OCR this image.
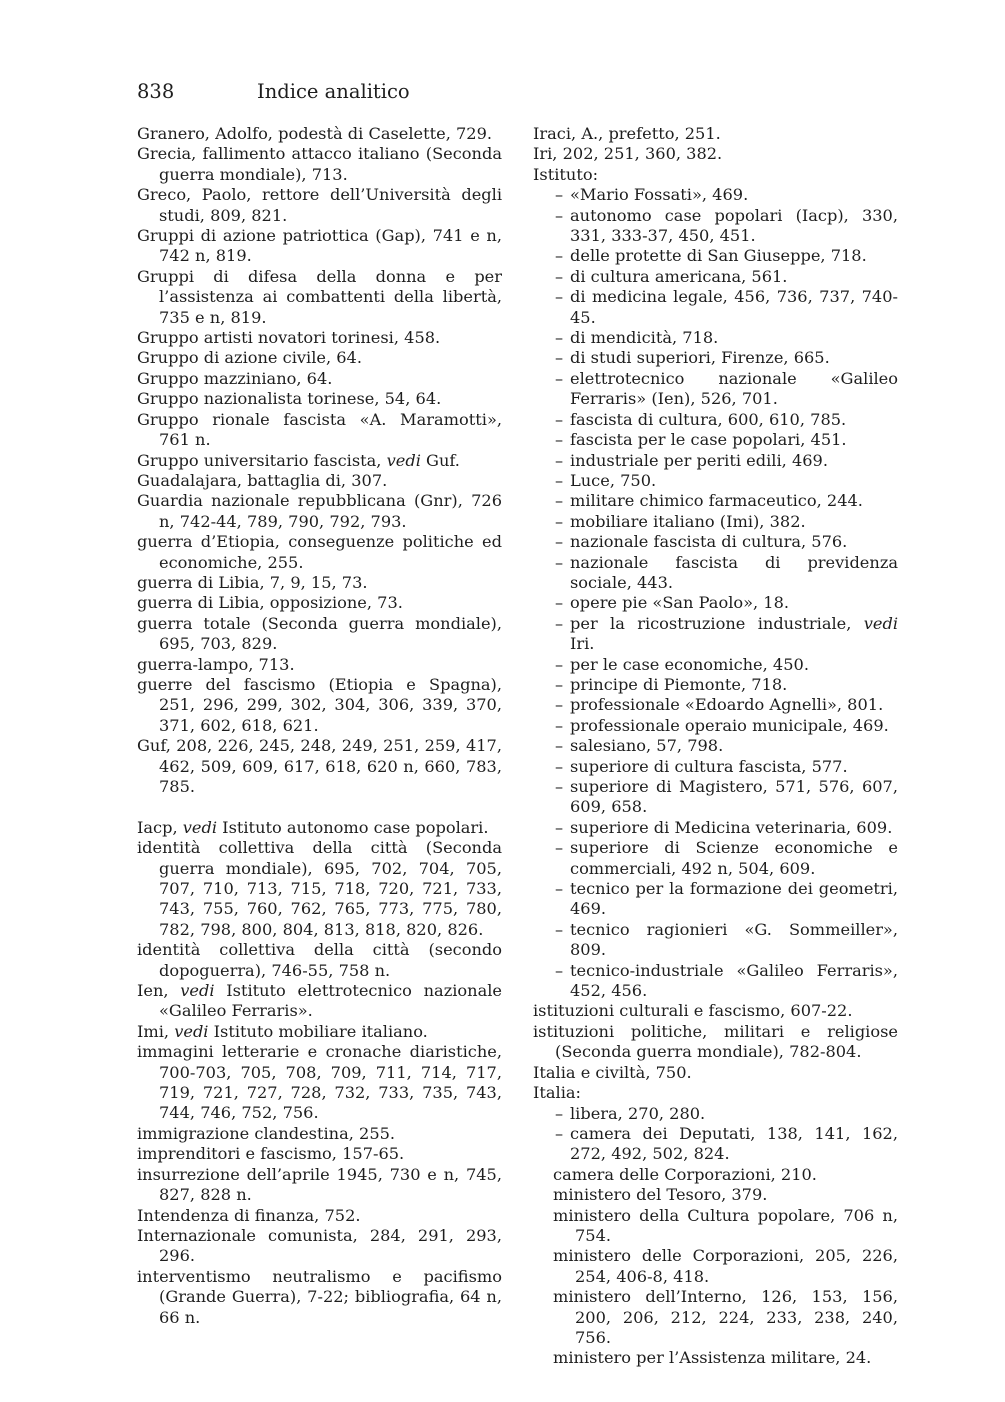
838	Indice analitico

Granero, Adolfo, podestà di Caselette, 729.

Grecia, fallimento attacco italiano (Seconda guerra mondiale), 713.

Greco, Paolo, rettore dell’Università degli studi, 809, 821.

Gruppi di azione patriottica (Gap), 741 e n, 742 n, 819.

Gruppi di difesa della donna e per l’assistenza ai combattenti della libertà, 735 e n, 819.

Gruppo artisti novatori torinesi, 458.

Gruppo di azione civile, 64.

Gruppo mazziniano, 64.

Gruppo nazionalista torinese, 54, 64.

Gruppo rionale fascista «A. Maramotti», 761 n.

Gruppo universitario fascista, vedi Guf.

Guadalajara, battaglia di, 307.

Guardia nazionale repubblicana (Gnr), 726 n, 742-44, 789, 790, 792, 793.

guerra d’Etiopia, conseguenze politiche ed economiche, 255.

guerra di Libia, 7, 9, 15, 73.

guerra di Libia, opposizione, 73.

guerra totale (Seconda guerra mondiale), 695, 703, 829.

guerra-lampo, 713.

guerre del fascismo (Etiopia e Spagna), 251, 296, 299, 302, 304, 306, 339, 370, 371, 602, 618, 621.

Guf, 208, 226, 245, 248, 249, 251, 259, 417, 462, 509, 609, 617, 618, 620 n, 660, 783, 785.

Iacp, vedi Istituto autonomo case popolari.

identità collettiva della città (Seconda guerra mondiale), 695, 702, 704, 705, 707, 710, 713, 715, 718, 720, 721, 733, 743, 755, 760, 762, 765, 773, 775, 780, 782, 798, 800, 804, 813, 818, 820, 826.

identità collettiva della città (secondo dopoguerra), 746-55, 758 n.

Ien, vedi Istituto elettrotecnico nazionale «Galileo Ferraris».

Imi, vedi Istituto mobiliare italiano.

immagini letterarie e cronache diaristiche, 700-703, 705, 708, 709, 711, 714, 717, 719, 721, 727, 728, 732, 733, 735, 743, 744, 746, 752, 756.

immigrazione clandestina, 255.

imprenditori e fascismo, 157-65.

insurrezione dell’aprile 1945, 730 e n, 745, 827, 828 n.

Intendenza di finanza, 752.

Internazionale comunista, 284, 291, 293, 296.

interventismo neutralismo e pacifismo (Grande Guerra), 7-22; bibliografia, 64 n, 66 n.

Iraci, A., prefetto, 251.

Iri, 202, 251, 360, 382.

Istituto:

– «Mario Fossati», 469.

– autonomo case popolari (Iacp), 330, 331, 333-37, 450, 451.

– delle protette di San Giuseppe, 718.

– di cultura americana, 561.

– di medicina legale, 456, 736, 737, 740-45.

– di mendicità, 718.

– di studi superiori, Firenze, 665.

– elettrotecnico nazionale «Galileo Ferraris» (Ien), 526, 701.

– fascista di cultura, 600, 610, 785.

– fascista per le case popolari, 451.

– industriale per periti edili, 469.

– Luce, 750.

– militare chimico farmaceutico, 244.

– mobiliare italiano (Imi), 382.

– nazionale fascista di cultura, 576.

– nazionale fascista di previdenza sociale, 443.

– opere pie «San Paolo», 18.

– per la ricostruzione industriale, vedi Iri.

– per le case economiche, 450.

– principe di Piemonte, 718.

– professionale «Edoardo Agnelli», 801.

– professionale operaio municipale, 469.

– salesiano, 57, 798.

– superiore di cultura fascista, 577.

– superiore di Magistero, 571, 576, 607, 609, 658.

– superiore di Medicina veterinaria, 609.

– superiore di Scienze economiche e commerciali, 492 n, 504, 609.

– tecnico per la formazione dei geometri, 469.

– tecnico ragionieri «G. Sommeiller», 809.

– tecnico-industriale «Galileo Ferraris», 452, 456.

istituzioni culturali e fascismo, 607-22.

istituzioni politiche, militari e religiose (Seconda guerra mondiale), 782-804.

Italia e civiltà, 750.

Italia:

– libera, 270, 280.

– camera dei Deputati, 138, 141, 162, 272, 492, 502, 824.

camera delle Corporazioni, 210.

ministero del Tesoro, 379.

ministero della Cultura popolare, 706 n, 754.

ministero delle Corporazioni, 205, 226, 254, 406-8, 418.

ministero dell’Interno, 126, 153, 156, 200, 206, 212, 224, 233, 238, 240, 756.

ministero per l’Assistenza militare, 24.
